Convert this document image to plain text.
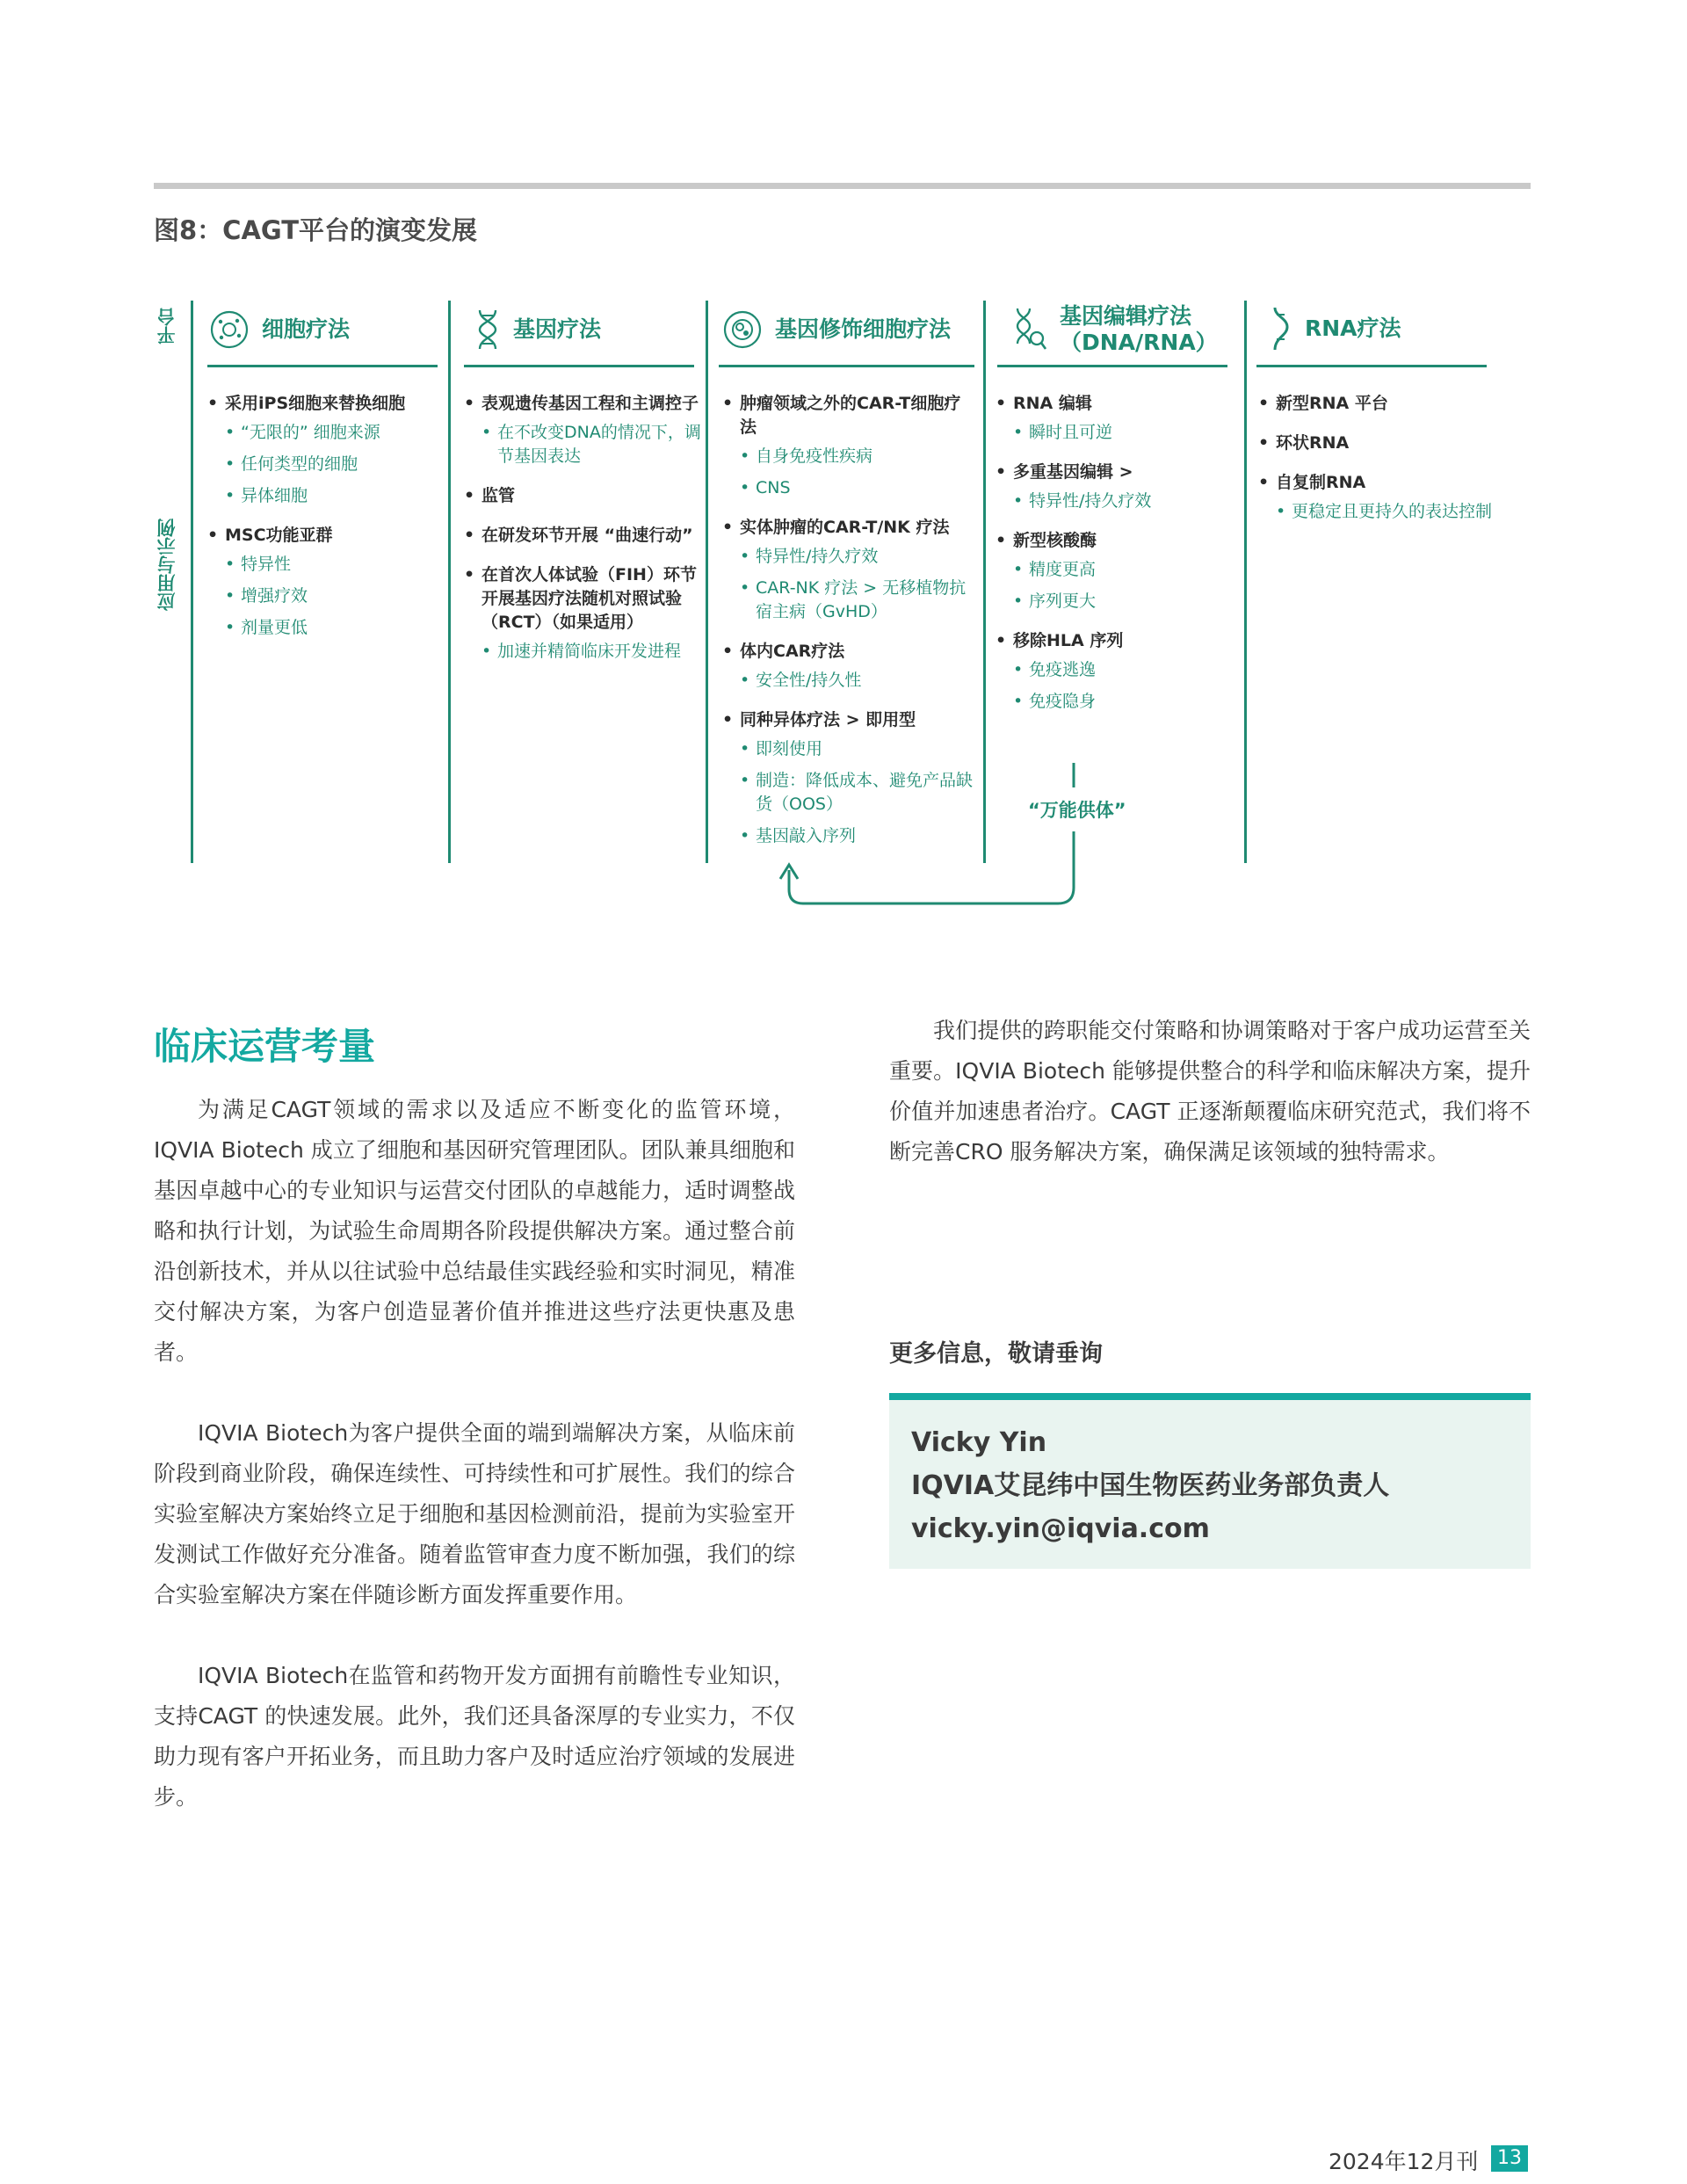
图8：CAGT平台的演变发展
平台
应用与示例
细胞疗法
• 采用iPS细胞来替换细胞
• “无限的” 细胞来源
• 任何类型的细胞
• 异体细胞
• MSC功能亚群
• 特异性
• 增强疗效
• 剂量更低
基因疗法
• 表观遗传基因工程和主调控子
• 在不改变DNA的情况下，调节基因表达
• 监管
• 在研发环节开展 “曲速行动”
• 在首次人体试验（FIH）环节开展基因疗法随机对照试验（RCT）（如果适用）
• 加速并精简临床开发进程
基因修饰细胞疗法
• 肿瘤领域之外的CAR-T细胞疗法
• 自身免疫性疾病
• CNS
• 实体肿瘤的CAR-T/NK 疗法
• 特异性/持久疗效
• CAR-NK 疗法 > 无移植物抗宿主病（GvHD）
• 体内CAR疗法
• 安全性/持久性
• 同种异体疗法 > 即用型
• 即刻使用
• 制造：降低成本、避免产品缺货（OOS）
• 基因敲入序列
基因编辑疗法（DNA/RNA）
• RNA 编辑
• 瞬时且可逆
• 多重基因编辑 >
• 特异性/持久疗效
• 新型核酸酶
• 精度更高
• 序列更大
• 移除HLA 序列
• 免疫逃逸
• 免疫隐身
“万能供体”
RNA疗法
• 新型RNA 平台
• 环状RNA
• 自复制RNA
• 更稳定且更持久的表达控制
临床运营考量

为满足CAGT领域的需求以及适应不断变化的监管环境，IQVIA Biotech 成立了细胞和基因研究管理团队。团队兼具细胞和基因卓越中心的专业知识与运营交付团队的卓越能力，适时调整战略和执行计划，为试验生命周期各阶段提供解决方案。通过整合前沿创新技术，并从以往试验中总结最佳实践经验和实时洞见，精准交付解决方案，为客户创造显著价值并推进这些疗法更快惠及患者。

IQVIA Biotech为客户提供全面的端到端解决方案，从临床前阶段到商业阶段，确保连续性、可持续性和可扩展性。我们的综合实验室解决方案始终立足于细胞和基因检测前沿，提前为实验室开发测试工作做好充分准备。随着监管审查力度不断加强，我们的综合实验室解决方案在伴随诊断方面发挥重要作用。

IQVIA Biotech在监管和药物开发方面拥有前瞻性专业知识，支持CAGT 的快速发展。此外，我们还具备深厚的专业实力，不仅助力现有客户开拓业务，而且助力客户及时适应治疗领域的发展进步。

我们提供的跨职能交付策略和协调策略对于客户成功运营至关重要。IQVIA Biotech 能够提供整合的科学和临床解决方案，提升价值并加速患者治疗。CAGT 正逐渐颠覆临床研究范式，我们将不断完善CRO 服务解决方案，确保满足该领域的独特需求。

更多信息，敬请垂询
Vicky Yin
IQVIA艾昆纬中国生物医药业务部负责人
vicky.yin@iqvia.com
2024年12月刊 13
